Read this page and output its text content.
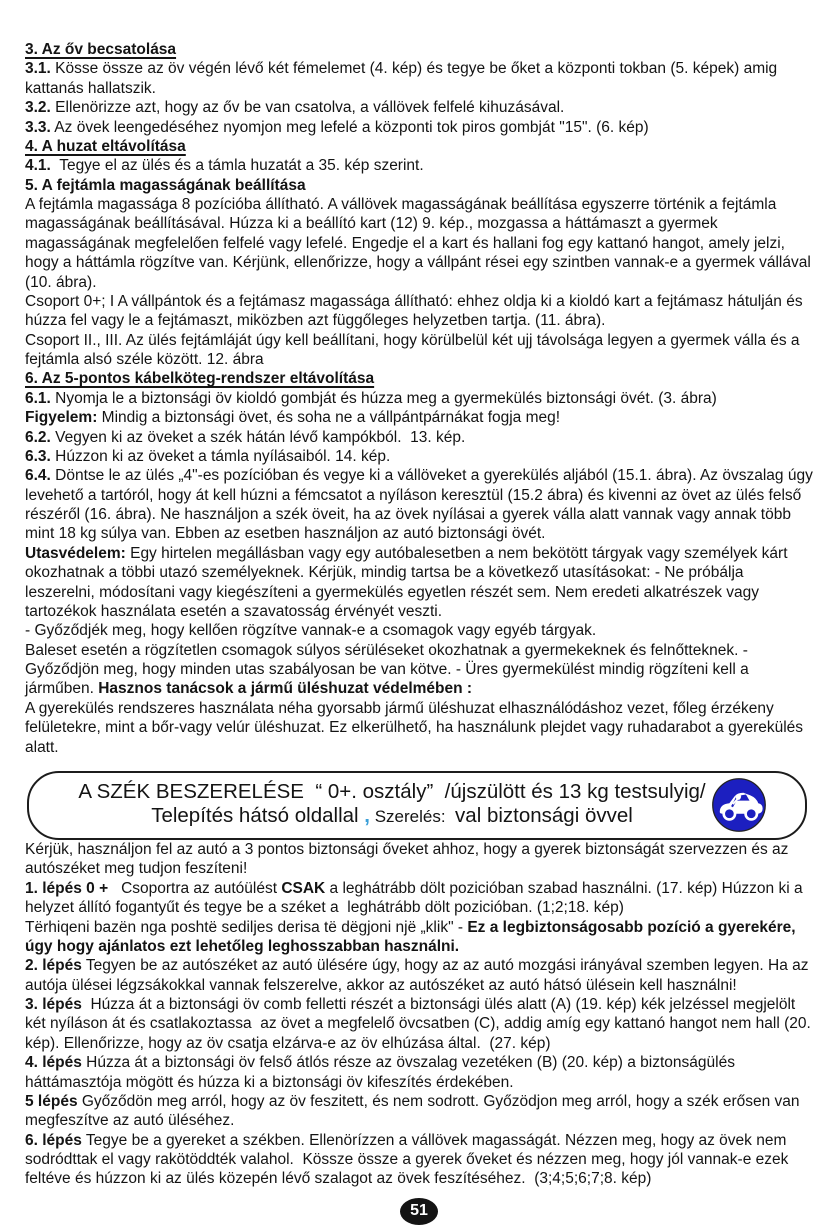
3. Az őv becsatolása

3.1. Kösse össze az öv végén lévő két fémelemet (4. kép) és tegye be őket a központi tokban (5. képek) amig kattanás hallatszik.

3.2. Ellenörizze azt, hogy az őv be van csatolva, a vállövek felfelé kihuzásával.

3.3. Az övek leengedéséhez nyomjon meg lefelé a központi tok piros gombját "15". (6. kép)

4. A huzat eltávolítása

4.1.  Tegye el az ülés és a támla huzatát a 35. kép szerint.

5. A fejtámla magasságának beállítása

A fejtámla magassága 8 pozícióba állítható. A vállövek magasságának beállítása egyszerre történik a fejtámla magasságának beállításával. Húzza ki a beállító kart (12) 9. kép., mozgassa a háttámaszt a gyermek magasságának megfelelően felfelé vagy lefelé. Engedje el a kart és hallani fog egy kattanó hangot, amely jelzi, hogy a háttámla rögzítve van. Kérjünk, ellenőrizze, hogy a vállpánt rései egy szintben vannak-e a gyermek vállával (10. ábra).

Csoport 0+; I A vállpántok és a fejtámasz magassága állítható: ehhez oldja ki a kioldó kart a fejtámasz hátulján és húzza fel vagy le a fejtámaszt, miközben azt függőleges helyzetben tartja. (11. ábra).

Csoport II., III. Az ülés fejtámláját úgy kell beállítani, hogy körülbelül két ujj távolsága legyen a gyermek válla és a fejtámla alsó széle között. 12. ábra

6. Az 5-pontos kábelköteg-rendszer eltávolítása

6.1. Nyomja le a biztonsági öv kioldó gombját és húzza meg a gyermekülés biztonsági övét. (3. ábra)

Figyelem: Mindig a biztonsági övet, és soha ne a vállpántpárnákat fogja meg!

6.2. Vegyen ki az öveket a szék hátán lévő kampókból.  13. kép.

6.3. Húzzon ki az öveket a támla nyílásaiból. 14. kép.

6.4. Döntse le az ülés „4"-es pozícióban és vegye ki a vállöveket a gyerekülés aljából (15.1. ábra). Az övszalag úgy levehető a tartóról, hogy át kell húzni a fémcsatot a nyíláson keresztül (15.2 ábra) és kivenni az övet az ülés felső részéről (16. ábra). Ne használjon a szék öveit, ha az övek nyílásai a gyerek válla alatt vannak vagy annak több mint 18 kg súlya van. Ebben az esetben használjon az autó biztonsági övét.

Utasvédelem: Egy hirtelen megállásban vagy egy autóbalesetben a nem bekötött tárgyak vagy személyek kárt okozhatnak a többi utazó személyeknek. Kérjük, mindig tartsa be a következő utasításokat: - Ne próbálja leszerelni, módosítani vagy kiegészíteni a gyermekülés egyetlen részét sem. Nem eredeti alkatrészek vagy tartozékok használata esetén a szavatosság érvényét veszti.

- Győződjék meg, hogy kellően rögzítve vannak-e a csomagok vagy egyéb tárgyak.

Baleset esetén a rögzítetlen csomagok súlyos sérüléseket okozhatnak a gyermekeknek és felnőtteknek. - Győződjön meg, hogy minden utas szabályosan be van kötve. - Üres gyermekülést mindig rögzíteni kell a járműben. Hasznos tanácsok a jármű üléshuzat védelmében :

A gyerekülés rendszeres használata néha gyorsabb jármű üléshuzat elhasználódáshoz vezet, főleg érzékeny felületekre, mint a bőr-vagy velúr üléshuzat. Ez elkerülhető, ha használunk plejdet vagy ruhadarabot a gyerekülés alatt.

A SZÉK BESZERELÉSE  “ 0+. osztály”  /újszülött és 13 kg testsulyig/
Telepítés hátsó oldallal , Szerelés:  val biztonsági övvel

Kérjük, használjon fel az autó a 3 pontos biztonsági őveket ahhoz, hogy a gyerek biztonságát szervezzen és az autószéket meg tudjon feszíteni!

1. lépés 0 +   Csoportra az autóülést CSAK a leghátrább dölt pozicióban szabad használni. (17. kép) Húzzon ki a helyzet állító fogantyűt és tegye be a széket a  leghátrább dölt pozicióban. (1;2;18. kép)

Tërhiqeni bazën nga poshtë sediljes derisa të dëgjoni një „klik" - Ez a legbiztonságosabb pozíció a gyerekére, úgy hogy ajánlatos ezt lehetőleg leghosszabban használni.

2. lépés Tegyen be az autószéket az autó ülésére úgy, hogy az az autó mozgási irányával szemben legyen. Ha az autója ülései légzsákokkal vannak felszerelve, akkor az autószéket az autó hátsó ülésein kell használni!

3. lépés  Húzza át a biztonsági öv comb felletti részét a biztonsági ülés alatt (A) (19. kép) kék jelzéssel megjelölt két nyíláson át és csatlakoztassa  az övet a megfelelő övcsatben (C), addig amíg egy kattanó hangot nem hall (20. kép). Ellenőrizze, hogy az öv csatja elzárva-e az öv elhúzása által.  (27. kép)

4. lépés Húzza át a biztonsági öv felső átlós része az övszalag vezetéken (B) (20. kép) a biztonságülés háttámasztója mögött és húzza ki a biztonsági öv kifeszítés érdekében.

5 lépés Győződön meg arról, hogy az öv feszitett, és nem sodrott. Győzödjon meg arról, hogy a szék erősen van megfeszítve az autó üléséhez.

6. lépés Tegye be a gyereket a székben. Ellenörízzen a vállövek magasságát. Nézzen meg, hogy az övek nem sodródttak el vagy rakötöddték valahol.  Kössze össze a gyerek őveket és nézzen meg, hogy jól vannak-e ezek feltéve és húzzon ki az ülés közepén lévő szalagot az övek feszítéséhez.  (3;4;5;6;7;8. kép)

51
